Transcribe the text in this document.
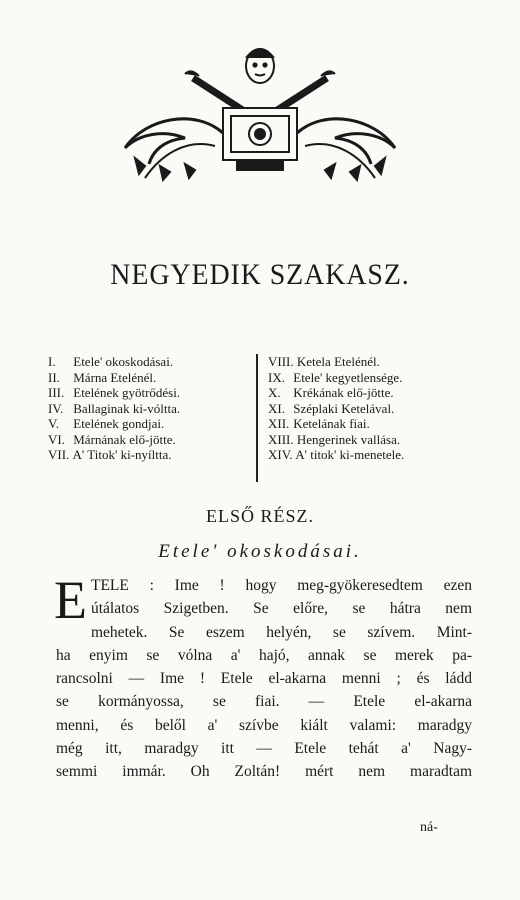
NEGYEDIK SZAKASZ.
I. Etele' okoskodásai.
II. Márna Etelénél.
III. Etelének gyötrődési.
IV. Ballaginak ki-vóltta.
V. Etelének gondjai.
VI. Márnának elő-jötte.
VII. A' Titok' ki-nyíltta.
VIII. Ketela Etelénél.
IX. Etele' kegyetlensége.
X. Krékának elő-jötte.
XI. Széplaki Ketelával.
XII. Ketelának fiai.
XIII. Hengerinek vallása.
XIV. A' titok' ki-menetele.
ELSŐ RÉSZ.
Etele' okoskodásai.
E TELE : Ime ! hogy meg-gyökeresedtem ezen
útálatos Szigetben. Se előre, se hátra nem
mehetek. Se eszem helyén, se szívem. Mint-
ha enyim se vólna a' hajó, annak se merek pa-
rancsolni — Ime ! Etele el-akarna menni ; és ládd
se kormányossa, se fiai. — Etele el-akarna
menni, és belől a' szívbe kiált valami: maradgy
még itt, maradgy itt — Etele tehát a' Nagy-
semmi immár. Oh Zoltán! mért nem maradtam
ná-
